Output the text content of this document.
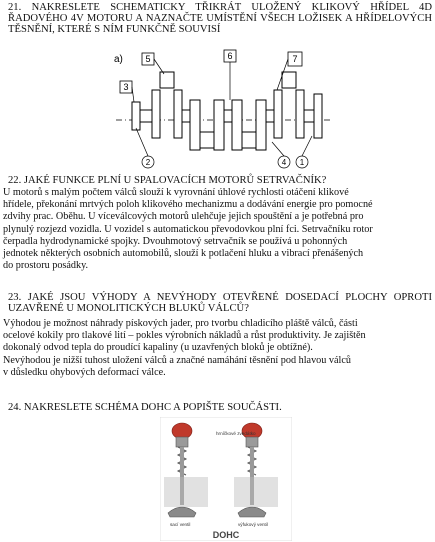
21. NAKRESLETE SCHEMATICKY TŘIKRÁT ULOŽENÝ KLIKOVÝ HŘÍDEL 4D ŘADOVÉHO 4V MOTORU A NAZNAČTE UMÍSTĚNÍ VŠECH LOŽISEK A HŘÍDELOVÝCH TĚSNĚNÍ, KTERÉ S NÍM FUNKČNĚ SOUVISÍ

a)	5	6	7
3
2	4 1

22. JAKÉ FUNKCE PLNÍ U SPALOVACÍCH MOTORŮ SETRVAČNÍK?

U motorů s malým počtem válců slouží k vyrovnání úhlové rychlosti otáčení klikové
hřídele, překonání mrtvých poloh klikového mechanizmu a dodávání energie pro pomocné
zdvihy prac. Oběhu. U víceválcových motorů ulehčuje jejich spouštění a je potřebná pro
plynulý rozjezd vozidla. U vozidel s automatickou převodovkou plní fci. Setrvačníku rotor
čerpadla hydrodynamické spojky. Dvouhmotový setrvačník se používá u pohonných
jednotek některých osobních automobilů, slouží k potlačení hluku a vibrací přenášených
do prostoru posádky.

23. JAKÉ JSOU VÝHODY A NEVÝHODY OTEVŘENÉ DOSEDACÍ PLOCHY OPROTI UZAVŘENÉ U MONOLITICKÝCH BLUKŮ VÁLCŮ?

Výhodou je možnost náhrady pískových jader, pro tvorbu chladicího pláště válců, části
ocelové kokily pro tlakové lití – pokles výrobních nákladů a růst produktivity. Je zajištěn
dokonalý odvod tepla do proudící kapaliny (u uzavřených bloků je obtížné).
Nevýhodou je nižší tuhost uložení válců a značné namáhání těsnění pod hlavou válců
v důsledku ohybových deformací válce.

24. NAKRESLETE SCHÉMA DOHC A POPIŠTE SOUČÁSTI.

hrníčkové zvedátko
sací ventil	výfukový ventil
DOHC
